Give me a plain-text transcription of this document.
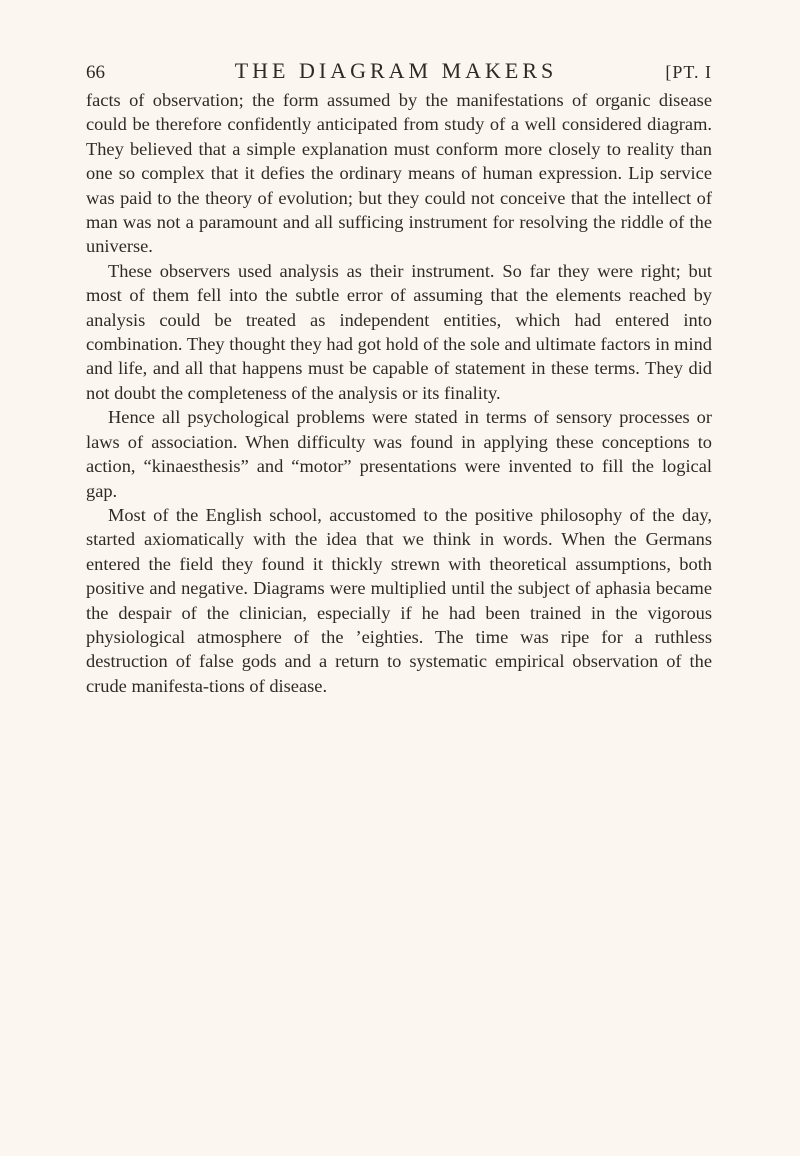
66	THE DIAGRAM MAKERS	[PT. I

facts of observation; the form assumed by the manifestations of organic disease could be therefore confidently anticipated from study of a well considered diagram. They believed that a simple explanation must conform more closely to reality than one so complex that it defies the ordinary means of human expression. Lip service was paid to the theory of evolution; but they could not conceive that the intellect of man was not a paramount and all sufficing instrument for resolving the riddle of the universe.

These observers used analysis as their instrument. So far they were right; but most of them fell into the subtle error of assuming that the elements reached by analysis could be treated as independent entities, which had entered into combination. They thought they had got hold of the sole and ultimate factors in mind and life, and all that happens must be capable of statement in these terms. They did not doubt the completeness of the analysis or its finality.

Hence all psychological problems were stated in terms of sensory processes or laws of association. When difficulty was found in applying these conceptions to action, “kinaesthesis” and “motor” presentations were invented to fill the logical gap.

Most of the English school, accustomed to the positive philosophy of the day, started axiomatically with the idea that we think in words. When the Germans entered the field they found it thickly strewn with theoretical assumptions, both positive and negative. Diagrams were multiplied until the subject of aphasia became the despair of the clinician, especially if he had been trained in the vigorous physiological atmosphere of the ’eighties. The time was ripe for a ruthless destruction of false gods and a return to systematic empirical observation of the crude manifesta-tions of disease.
